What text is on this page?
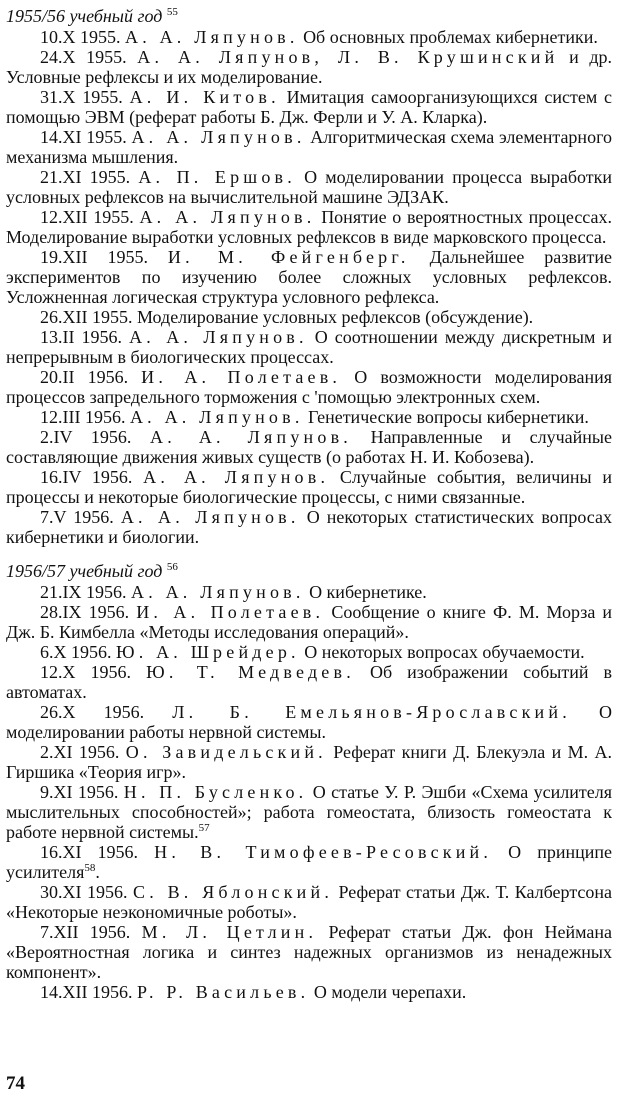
1955/56 учебный год $^{55}$

10.X 1955. А. А. Ляпунов. Об основных проблемах кибернетики.

24.X 1955. А. А. Ляпунов, Л. В. Крушинский и др. Условные рефлексы и их моделирование.

31.X 1955. А. И. Китов. Имитация самоорганизующихся систем с помощью ЭВМ (реферат работы Б. Дж. Ферли и У. А. Кларка).

14.XI 1955. А. А. Ляпунов. Алгоритмическая схема элементарного механизма мышления.

21.XI 1955. А. П. Ершов. О моделировании процесса выработки условных рефлексов на вычислительной машине ЭДЗАК.

12.XII 1955. А. А. Ляпунов. Понятие о вероятностных процессах. Моделирование выработки условных рефлексов в виде марковского процесса.

19.XII 1955. И. М. Фейгенберг. Дальнейшее развитие экспериментов по изучению более сложных условных рефлексов. Усложненная логическая структура условного рефлекса.

26.XII 1955. Моделирование условных рефлексов (обсуждение).

13.II 1956. А. А. Ляпунов. О соотношении между дискретным и непрерывным в биологических процессах.

20.II 1956. И. А. Полетаев. О возможности моделирования процессов запредельного торможения с 'помощью электронных схем.

12.III 1956. А. А. Ляпунов. Генетические вопросы кибернетики.

2.IV 1956. А. А. Ляпунов. Направленные и случайные составляющие движения живых существ (о работах Н. И. Кобозева).

16.IV 1956. А. А. Ляпунов. Случайные события, величины и процессы и некоторые биологические процессы, с ними связанные.

7.V 1956. А. А. Ляпунов. О некоторых статистических вопросах кибернетики и биологии.

1956/57 учебный год $^{56}$

21.IX 1956. А. А. Ляпунов. О кибернетике.

28.IX 1956. И. А. Полетаев. Сообщение о книге Ф. М. Морза и Дж. Б. Кимбелла «Методы исследования операций».

6.X 1956. Ю. А. Шрейдер. О некоторых вопросах обучаемости.

12.X 1956. Ю. Т. Медведев. Об изображении событий в автоматах.

26.X 1956. Л. Б. Емельянов-Ярославский. О моделировании работы нервной системы.

2.XI 1956. О. Завидельский. Реферат книги Д. Блекуэла и М. А. Гиршика «Теория игр».

9.XI 1956. Н. П. Бусленко. О статье У. Р. Эшби «Схема усилителя мыслительных способностей»; работа гомеостата, близость гомеостата к работе нервной системы.$^{57}$

16.XI 1956. Н. В. Тимофеев-Ресовский. О принципе усилителя$^{58}$.

30.XI 1956. С. В. Яблонский. Реферат статьи Дж. Т. Калбертсона «Некоторые неэкономичные роботы».

7.XII 1956. М. Л. Цетлин. Реферат статьи Дж. фон Неймана «Вероятностная логика и синтез надежных организмов из ненадежных компонент».

14.XII 1956. Р. Р. Васильев. О модели черепахи.

74
